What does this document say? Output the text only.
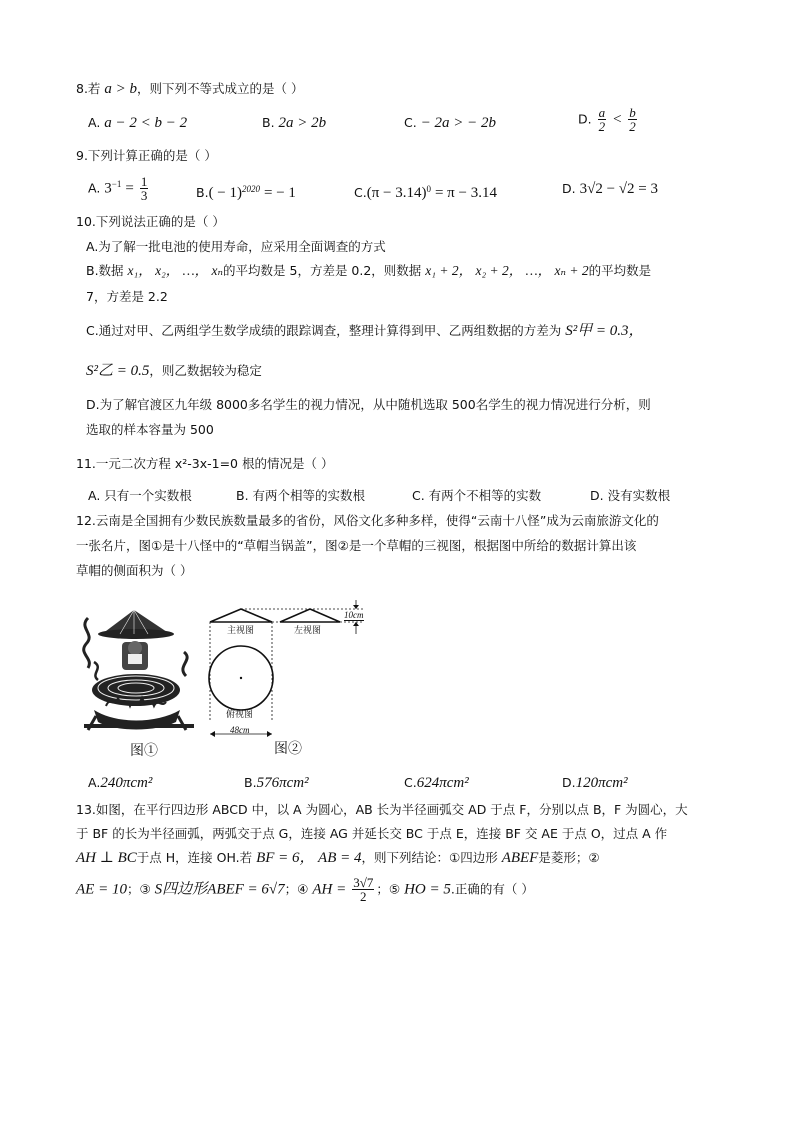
8.若 a > b，则下列不等式成立的是（ ）
A. a − 2 < b − 2	B. 2a > 2b	C. − 2a > − 2b	D. $\frac{a}{2} < \frac{b}{2}$
9.下列计算正确的是（ ）
A. $3^{-1} = \frac{1}{3}$	$B.( - 1)^{2020}$ = − 1	$C.(\pi - 3.14)^0 = \pi - 3.14$	D. 3√2 − √2 = 3
10.下列说法正确的是（ ）
A.为了解一批电池的使用寿命，应采用全面调查的方式
B.数据 x₁， x₂， …， xₙ的平均数是 5，方差是 0.2，则数据 x₁ + 2， x₂ + 2， …， xₙ + 2的平均数是
7，方差是 2.2
C.通过对甲、乙两组学生数学成绩的跟踪调查，整理计算得到甲、乙两组数据的方差为 S²甲 = 0.3，
S²乙 = 0.5，则乙数据较为稳定
D.为了解官渡区九年级 8000多名学生的视力情况，从中随机选取 500名学生的视力情况进行分析，则
选取的样本容量为 500
11.一元二次方程 x²-3x-1=0 根的情况是（ ）
A. 只有一个实数根	B. 有两个相等的实数根	C. 有两个不相等的实数	D. 没有实数根
12.云南是全国拥有少数民族数量最多的省份，风俗文化多种多样，使得“云南十八怪”成为云南旅游文化的
一张名片，图①是十八怪中的“草帽当锅盖”，图②是一个草帽的三视图，根据图中所给的数据计算出该
草帽的侧面积为（ ）
图①
10cm
主视图	左视图
俯视图
48cm
图②
A.240πcm²	B.576πcm²	C.624πcm²	D.120πcm²
13.如图，在平行四边形 ABCD 中，以 A 为圆心，AB 长为半径画弧交 AD 于点 F，分别以点 B，F 为圆心，大
于 BF 的长为半径画弧，两弧交于点 G，连接 AG 并延长交 BC 于点 E，连接 BF 交 AE 于点 O，过点 A 作
AH ⊥ BC于点 H，连接 OH.若 BF = 6， AB = 4，则下列结论：①四边形 ABEF是菱形；②
AE = 10；③ S四边形ABEF = 6√7；④ AH = $\frac{3√7}{2}$ ；⑤ HO = 5.正确的有（ ）
